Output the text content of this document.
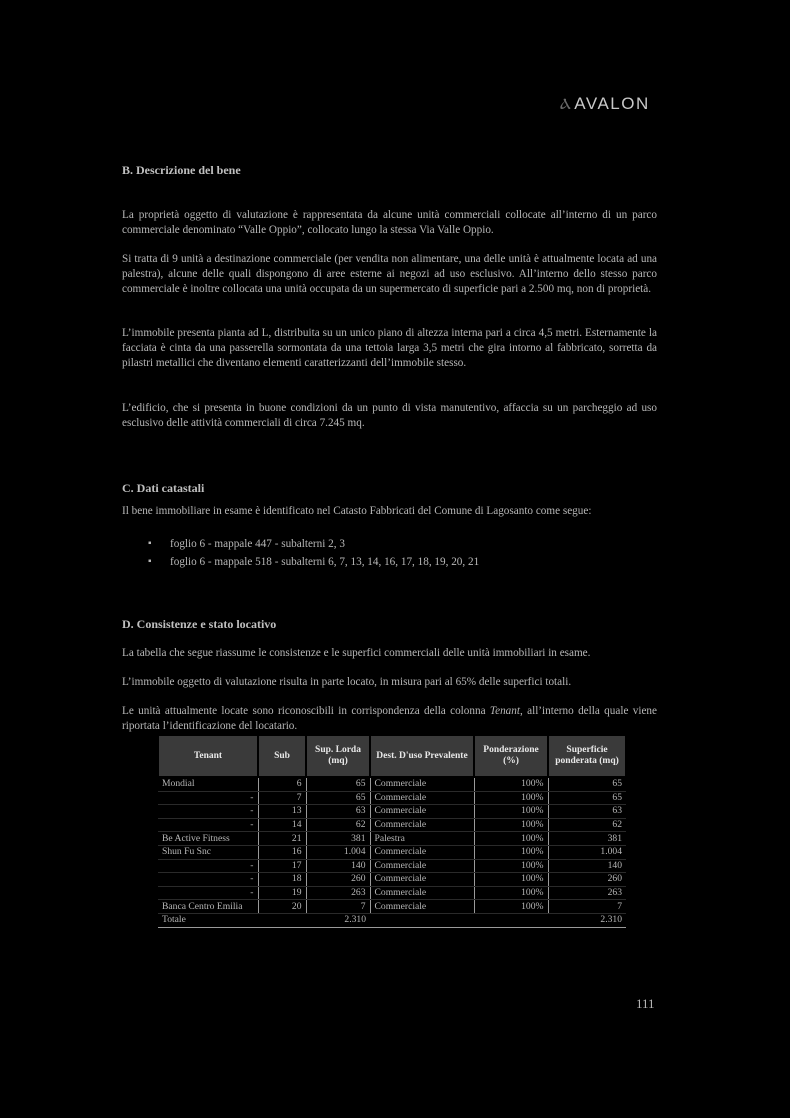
Ⲁ AVALON
B. Descrizione del bene

La proprietà oggetto di valutazione è rappresentata da alcune unità commerciali collocate all’interno di un parco commerciale denominato “Valle Oppio”, collocato lungo la stessa Via Valle Oppio.

Si tratta di 9 unità a destinazione commerciale (per vendita non alimentare, una delle unità è attualmente locata ad una palestra), alcune delle quali dispongono di aree esterne ai negozi ad uso esclusivo. All’interno dello stesso parco commerciale è inoltre collocata una unità occupata da un supermercato di superficie pari a 2.500 mq, non di proprietà.

L’immobile presenta pianta ad L, distribuita su un unico piano di altezza interna pari a circa 4,5 metri. Esternamente la facciata è cinta da una passerella sormontata da una tettoia larga 3,5 metri che gira intorno al fabbricato, sorretta da pilastri metallici che diventano elementi caratterizzanti dell’immobile stesso.

L’edificio, che si presenta in buone condizioni da un punto di vista manutentivo, affaccia su un parcheggio ad uso esclusivo delle attività commerciali di circa 7.245 mq.

C. Dati catastali

Il bene immobiliare in esame è identificato nel Catasto Fabbricati del Comune di Lagosanto come segue:

▪ foglio 6 - mappale 447 - subalterni 2, 3
▪ foglio 6 - mappale 518 - subalterni 6, 7, 13, 14, 16, 17, 18, 19, 20, 21
D. Consistenze e stato locativo

La tabella che segue riassume le consistenze e le superfici commerciali delle unità immobiliari in esame.

L’immobile oggetto di valutazione risulta in parte locato, in misura pari al 65% delle superfici totali.

Le unità attualmente locate sono riconoscibili in corrispondenza della colonna Tenant, all’interno della quale viene riportata l’identificazione del locatario.

Tenant	Sub	Sup. Lorda (mq)	Dest. D'uso Prevalente	Ponderazione (%)	Superficie ponderata (mq)
Mondial	6	65	Commerciale	100%	65
-	7	65	Commerciale	100%	65
-	13	63	Commerciale	100%	63
-	14	62	Commerciale	100%	62
Be Active Fitness	21	381	Palestra	100%	381
Shun Fu Snc	16	1.004	Commerciale	100%	1.004
-	17	140	Commerciale	100%	140
-	18	260	Commerciale	100%	260
-	19	263	Commerciale	100%	263
Banca Centro Emilia	20	7	Commerciale	100%	7
Totale		2.310			2.310
111
